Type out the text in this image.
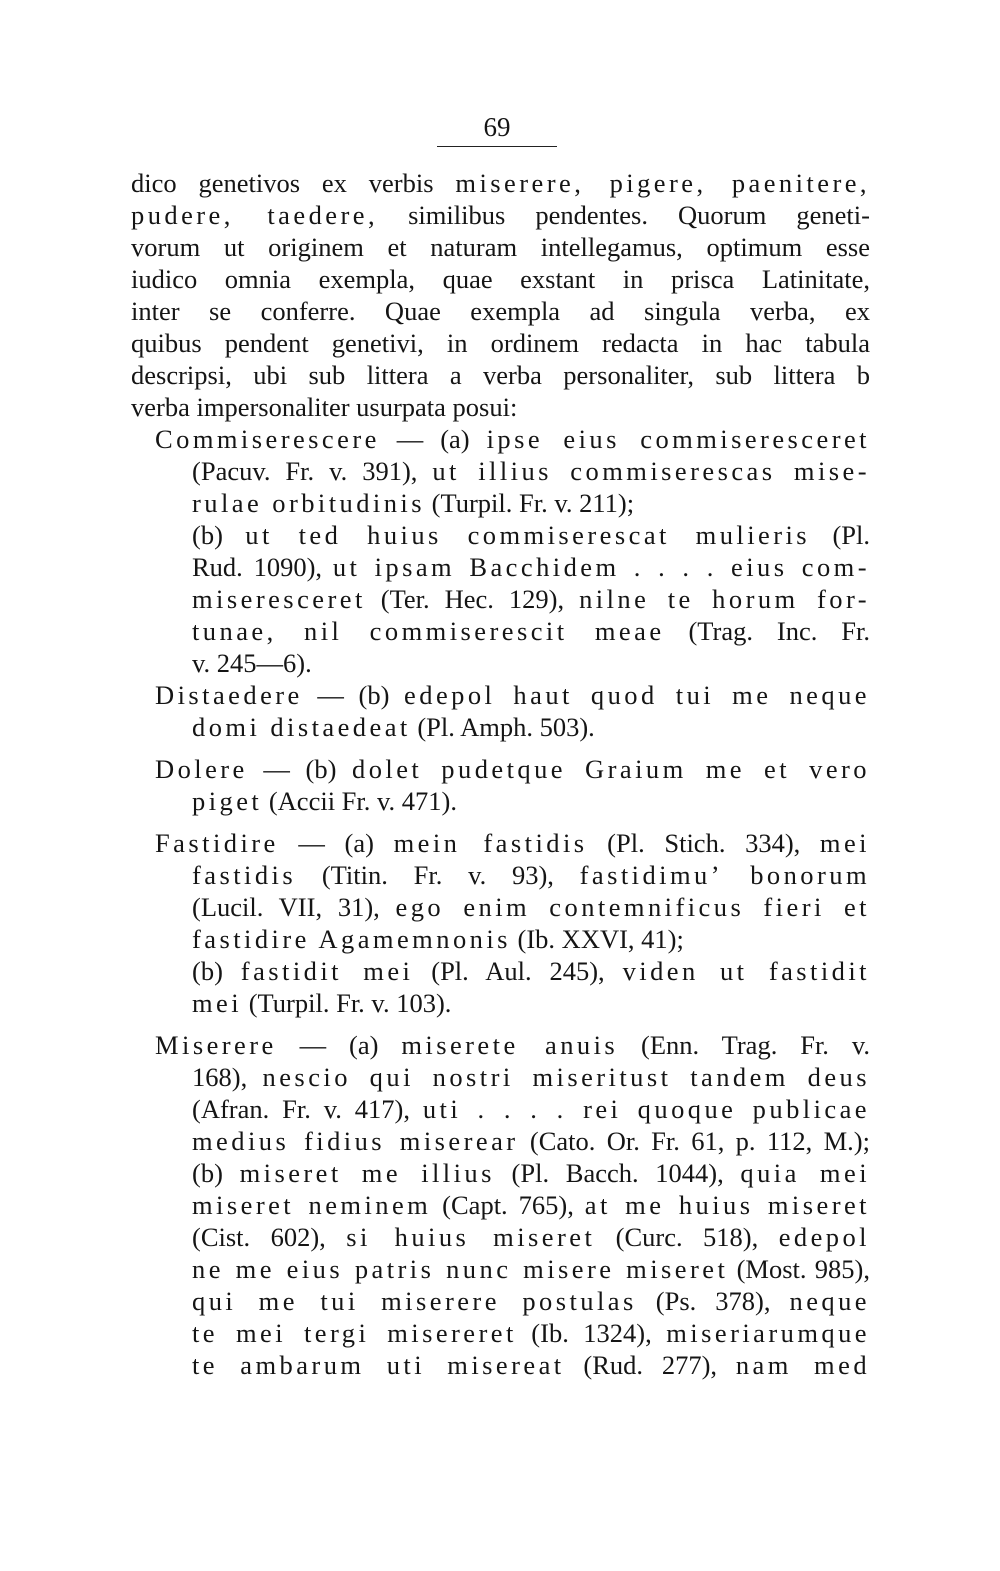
69
dico genetivos ex verbis miserere, pigere, paenitere,
pudere, taedere, similibus pendentes. Quorum geneti-
vorum ut originem et naturam intellegamus, optimum esse
iudico omnia exempla, quae exstant in prisca Latinitate,
inter se conferre. Quae exempla ad singula verba, ex
quibus pendent genetivi, in ordinem redacta in hac tabula
descripsi, ubi sub littera a verba personaliter, sub littera b
verba impersonaliter usurpata posui:
Commiserescere — (a) ipse eius commiseresceret
(Pacuv. Fr. v. 391), ut illius commiserescas mise-
rulae orbitudinis (Turpil. Fr. v. 211);
(b) ut ted huius commiserescat mulieris (Pl.
Rud. 1090), ut ipsam Bacchidem . . . . eius com-
miseresceret (Ter. Hec. 129), nilne te horum for-
tunae, nil commiserescit meae (Trag. Inc. Fr.
v. 245—6).
Distaedere — (b) edepol haut quod tui me neque
domi distaedeat (Pl. Amph. 503).
Dolere — (b) dolet pudetque Graium me et vero
piget (Accii Fr. v. 471).
Fastidire — (a) mein fastidis (Pl. Stich. 334), mei
fastidis (Titin. Fr. v. 93), fastidimu’ bonorum
(Lucil. VII, 31), ego enim contemnificus fieri et
fastidire Agamemnonis (Ib. XXVI, 41);
(b) fastidit mei (Pl. Aul. 245), viden ut fastidit
mei (Turpil. Fr. v. 103).
Miserere — (a) miserete anuis (Enn. Trag. Fr. v.
168), nescio qui nostri miseritust tandem deus
(Afran. Fr. v. 417), uti . . . . rei quoque publicae
medius fidius miserear (Cato. Or. Fr. 61, p. 112, M.);
(b) miseret me illius (Pl. Bacch. 1044), quia mei
miseret neminem (Capt. 765), at me huius miseret
(Cist. 602), si huius miseret (Curc. 518), edepol
ne me eius patris nunc misere miseret (Most. 985),
qui me tui miserere postulas (Ps. 378), neque
te mei tergi misereret (Ib. 1324), miseriarumque
te ambarum uti misereat (Rud. 277), nam med
